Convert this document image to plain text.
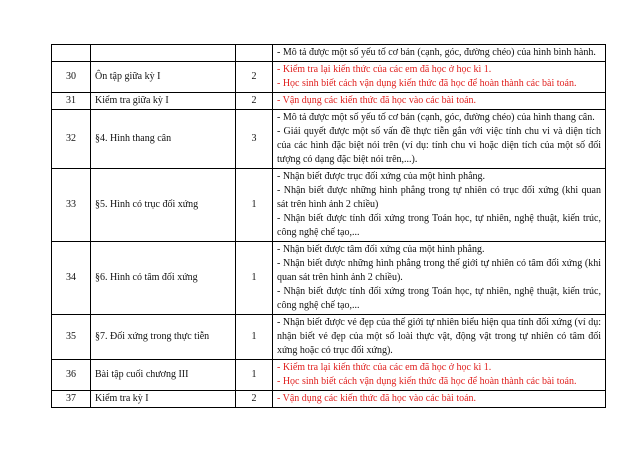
			- Mô tả được một số yếu tố cơ bản (cạnh, góc, đường chéo) của hình bình hành.

30	Ôn tập giữa kỳ I	2	- Kiểm tra lại kiến thức của các em đã học ở học kì 1.
- Học sinh biết cách vận dụng kiến thức đã học để hoàn thành các bài toán.

31	Kiểm tra giữa kỳ I	2	- Vận dụng các kiến thức đã học vào các bài toán.

32	§4. Hình thang cân	3	- Mô tả được một số yếu tố cơ bản (cạnh, góc, đường chéo) của hình thang cân.
- Giải quyết được một số vấn đề thực tiễn gắn với việc tính chu vi và diện tích của các hình đặc biệt nói trên (ví dụ: tính chu vi hoặc diện tích của một số đối tượng có dạng đặc biệt nói trên,...).

33	§5. Hình có trục đối xứng	1	- Nhận biết được trục đối xứng của một hình phẳng.
- Nhận biết được những hình phẳng trong tự nhiên có trục đối xứng (khi quan sát trên hình ảnh 2 chiều)
- Nhận biết được tính đối xứng trong Toán học, tự nhiên, nghệ thuật, kiến trúc, công nghệ chế tạo,...

34	§6. Hình có tâm đối xứng	1	- Nhận biết được tâm đối xứng của một hình phẳng.
- Nhận biết được những hình phẳng trong thế giới tự nhiên có tâm đối xứng (khi quan sát trên hình ảnh 2 chiều).
- Nhận biết được tính đối xứng trong Toán học, tự nhiên, nghệ thuật, kiến trúc, công nghệ chế tạo,...

35	§7. Đối xứng trong thực tiễn	1	- Nhận biết được vẻ đẹp của thế giới tự nhiên biểu hiện qua tính đối xứng (ví dụ: nhận biết vẻ đẹp của một số loài thực vật, động vật trong tự nhiên có tâm đối xứng hoặc có trục đối xứng).

36	Bài tập cuối chương III	1	- Kiểm tra lại kiến thức của các em đã học ở học kì 1.
- Học sinh biết cách vận dụng kiến thức đã học để hoàn thành các bài toán.

37	Kiểm tra kỳ I	2	- Vận dụng các kiến thức đã học vào các bài toán.
